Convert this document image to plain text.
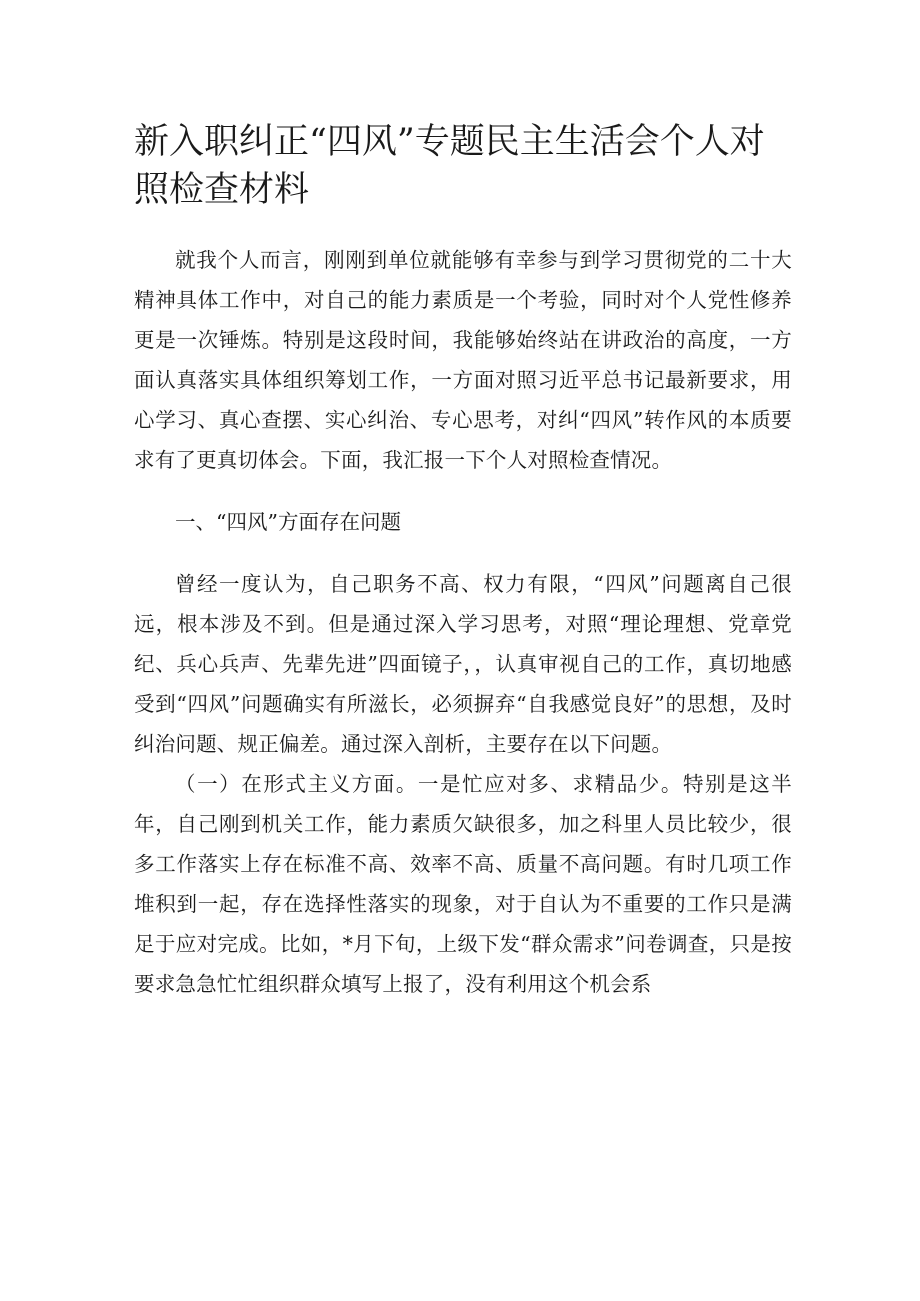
新入职纠正“四风”专题民主生活会个人对照检查材料

就我个人而言，刚刚到单位就能够有幸参与到学习贯彻党的二十大精神具体工作中，对自己的能力素质是一个考验，同时对个人党性修养更是一次锤炼。特别是这段时间，我能够始终站在讲政治的高度，一方面认真落实具体组织筹划工作，一方面对照习近平总书记最新要求，用心学习、真心查摆、实心纠治、专心思考，对纠“四风”转作风的本质要求有了更真切体会。下面，我汇报一下个人对照检查情况。

一、“四风”方面存在问题

曾经一度认为，自己职务不高、权力有限，“四风”问题离自己很远，根本涉及不到。但是通过深入学习思考，对照“理论理想、党章党纪、兵心兵声、先辈先进”四面镜子，，认真审视自己的工作，真切地感受到“四风”问题确实有所滋长，必须摒弃“自我感觉良好”的思想，及时纠治问题、规正偏差。通过深入剖析，主要存在以下问题。

（一）在形式主义方面。一是忙应对多、求精品少。特别是这半年，自己刚到机关工作，能力素质欠缺很多，加之科里人员比较少，很多工作落实上存在标准不高、效率不高、质量不高问题。有时几项工作堆积到一起，存在选择性落实的现象，对于自认为不重要的工作只是满足于应对完成。比如，*月下旬，上级下发“群众需求”问卷调查，只是按要求急急忙忙组织群众填写上报了，没有利用这个机会系
